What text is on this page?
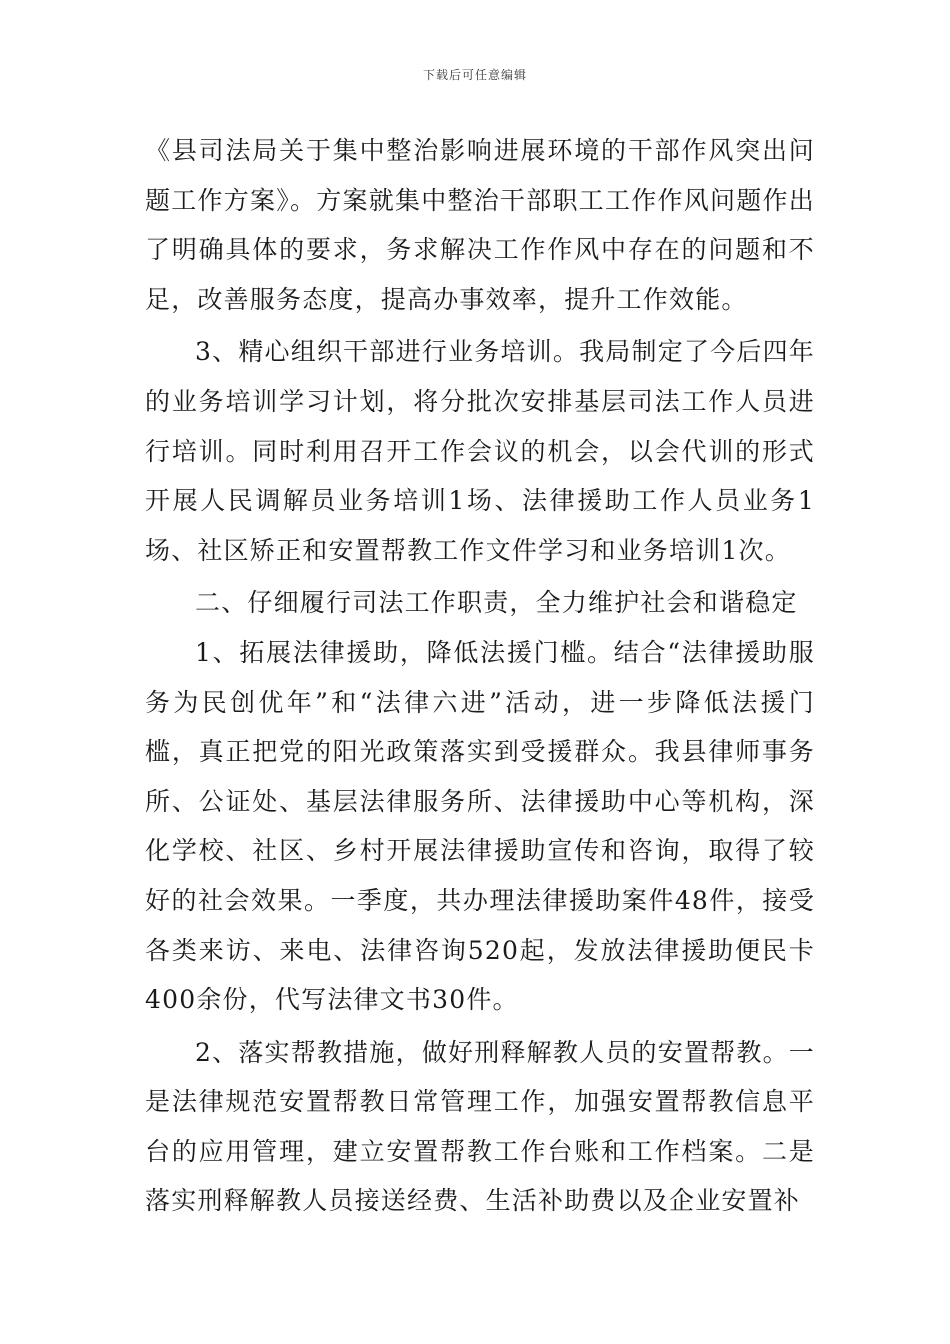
下载后可任意编辑

《县司法局关于集中整治影响进展环境的干部作风突出问题工作方案》。方案就集中整治干部职工工作作风问题作出了明确具体的要求，务求解决工作作风中存在的问题和不足，改善服务态度，提高办事效率，提升工作效能。

3、精心组织干部进行业务培训。我局制定了今后四年的业务培训学习计划，将分批次安排基层司法工作人员进行培训。同时利用召开工作会议的机会，以会代训的形式开展人民调解员业务培训1场、法律援助工作人员业务1场、社区矫正和安置帮教工作文件学习和业务培训1次。

二、仔细履行司法工作职责，全力维护社会和谐稳定

1、拓展法律援助，降低法援门槛。结合“法律援助服务为民创优年”和“法律六进”活动，进一步降低法援门槛，真正把党的阳光政策落实到受援群众。我县律师事务所、公证处、基层法律服务所、法律援助中心等机构，深化学校、社区、乡村开展法律援助宣传和咨询，取得了较好的社会效果。一季度，共办理法律援助案件48件，接受各类来访、来电、法律咨询520起，发放法律援助便民卡400余份，代写法律文书30件。

2、落实帮教措施，做好刑释解教人员的安置帮教。一是法律规范安置帮教日常管理工作，加强安置帮教信息平台的应用管理，建立安置帮教工作台账和工作档案。二是落实刑释解教人员接送经费、生活补助费以及企业安置补
